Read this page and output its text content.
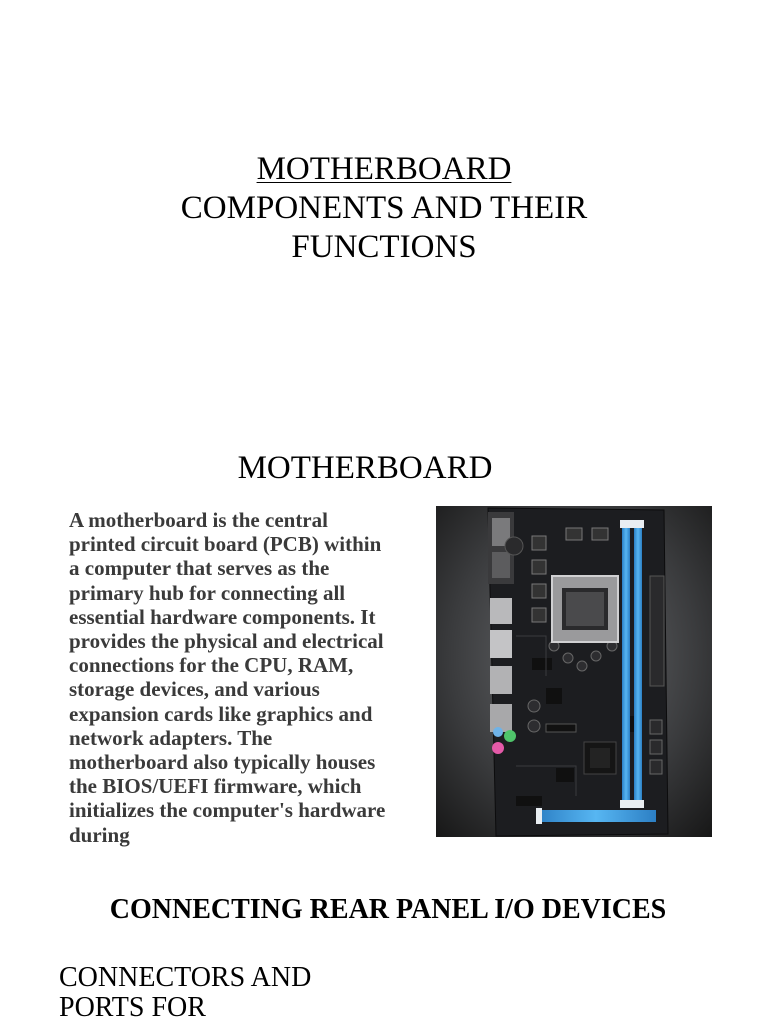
MOTHERBOARD
COMPONENTS AND THEIR
FUNCTIONS
MOTHERBOARD
A motherboard is the central printed circuit board (PCB) within a computer that serves as the primary hub for connecting all essential hardware components. It provides the physical and electrical connections for the CPU, RAM, storage devices, and various expansion cards like graphics and network adapters. The motherboard also typically houses the BIOS/UEFI firmware, which initializes the computer's hardware during
CONNECTING REAR PANEL I/O DEVICES
CONNECTORS AND
PORTS FOR
